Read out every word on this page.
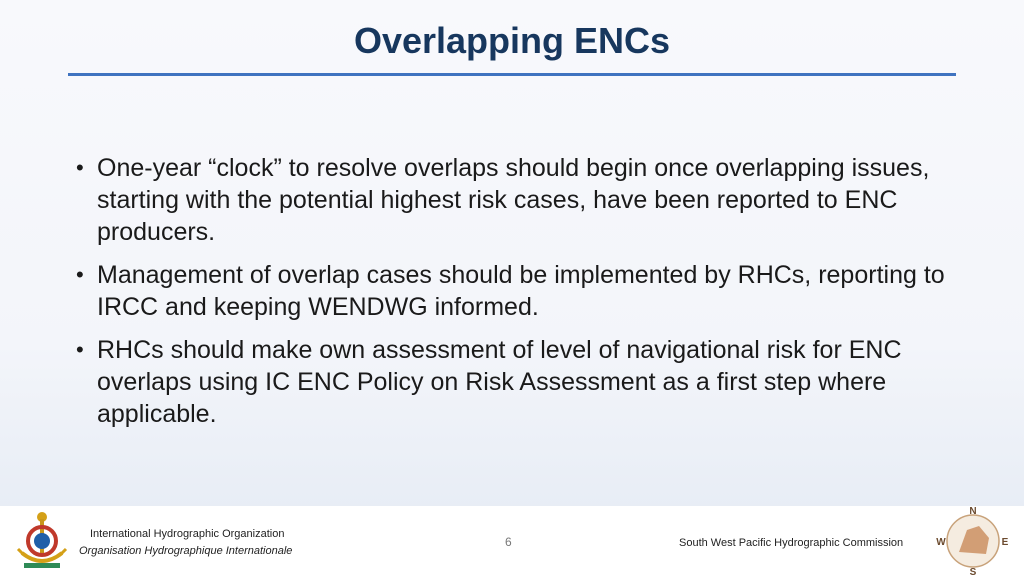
Overlapping ENCs
• One-year “clock” to resolve overlaps should begin once overlapping issues, starting with the potential highest risk cases, have been reported to ENC producers.
• Management of overlap cases should be implemented by RHCs, reporting to IRCC and keeping WENDWG informed.
• RHCs should make own assessment of level of navigational risk for ENC overlaps using IC ENC Policy on Risk Assessment as a first step where applicable.
International Hydrographic Organization
Organisation Hydrographique Internationale
6	South West Pacific Hydrographic Commission
N
E
S
W
